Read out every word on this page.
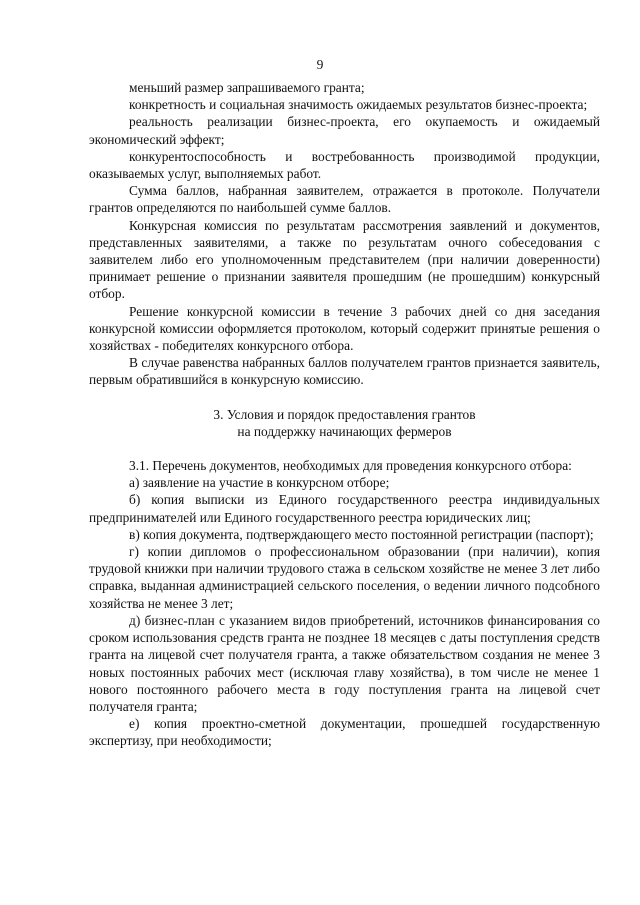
9

меньший размер запрашиваемого гранта;

конкретность и социальная значимость ожидаемых результатов бизнес-проекта;

реальность реализации бизнес-проекта, его окупаемость и ожидаемый экономический эффект;

конкурентоспособность и востребованность производимой продукции, оказываемых услуг, выполняемых работ.

Сумма баллов, набранная заявителем, отражается в протоколе. Получатели грантов определяются по наибольшей сумме баллов.

Конкурсная комиссия по результатам рассмотрения заявлений и документов, представленных заявителями, а также по результатам очного собеседования с заявителем либо его уполномоченным представителем (при наличии доверенности) принимает решение о признании заявителя прошедшим (не прошедшим) конкурсный отбор.

Решение конкурсной комиссии в течение 3 рабочих дней со дня заседания конкурсной комиссии оформляется протоколом, который содержит принятые решения о хозяйствах - победителях конкурсного отбора.

В случае равенства набранных баллов получателем грантов признается заявитель, первым обратившийся в конкурсную комиссию.

3. Условия и порядок предоставления грантов
на поддержку начинающих фермеров

3.1. Перечень документов, необходимых для проведения конкурсного отбора:

а) заявление на участие в конкурсном отборе;

б) копия выписки из Единого государственного реестра индивидуальных предпринимателей или Единого государственного реестра юридических лиц;

в) копия документа, подтверждающего место постоянной регистрации (паспорт);

г) копии дипломов о профессиональном образовании (при наличии), копия трудовой книжки при наличии трудового стажа в сельском хозяйстве не менее 3 лет либо справка, выданная администрацией сельского поселения, о ведении личного подсобного хозяйства не менее 3 лет;

д) бизнес-план с указанием видов приобретений, источников финансирования со сроком использования средств гранта не позднее 18 месяцев с даты поступления средств гранта на лицевой счет получателя гранта, а также обязательством создания не менее 3 новых постоянных рабочих мест (исключая главу хозяйства), в том числе не менее 1 нового постоянного рабочего места в году поступления гранта на лицевой счет получателя гранта;

е) копия проектно-сметной документации, прошедшей государственную экспертизу, при необходимости;
